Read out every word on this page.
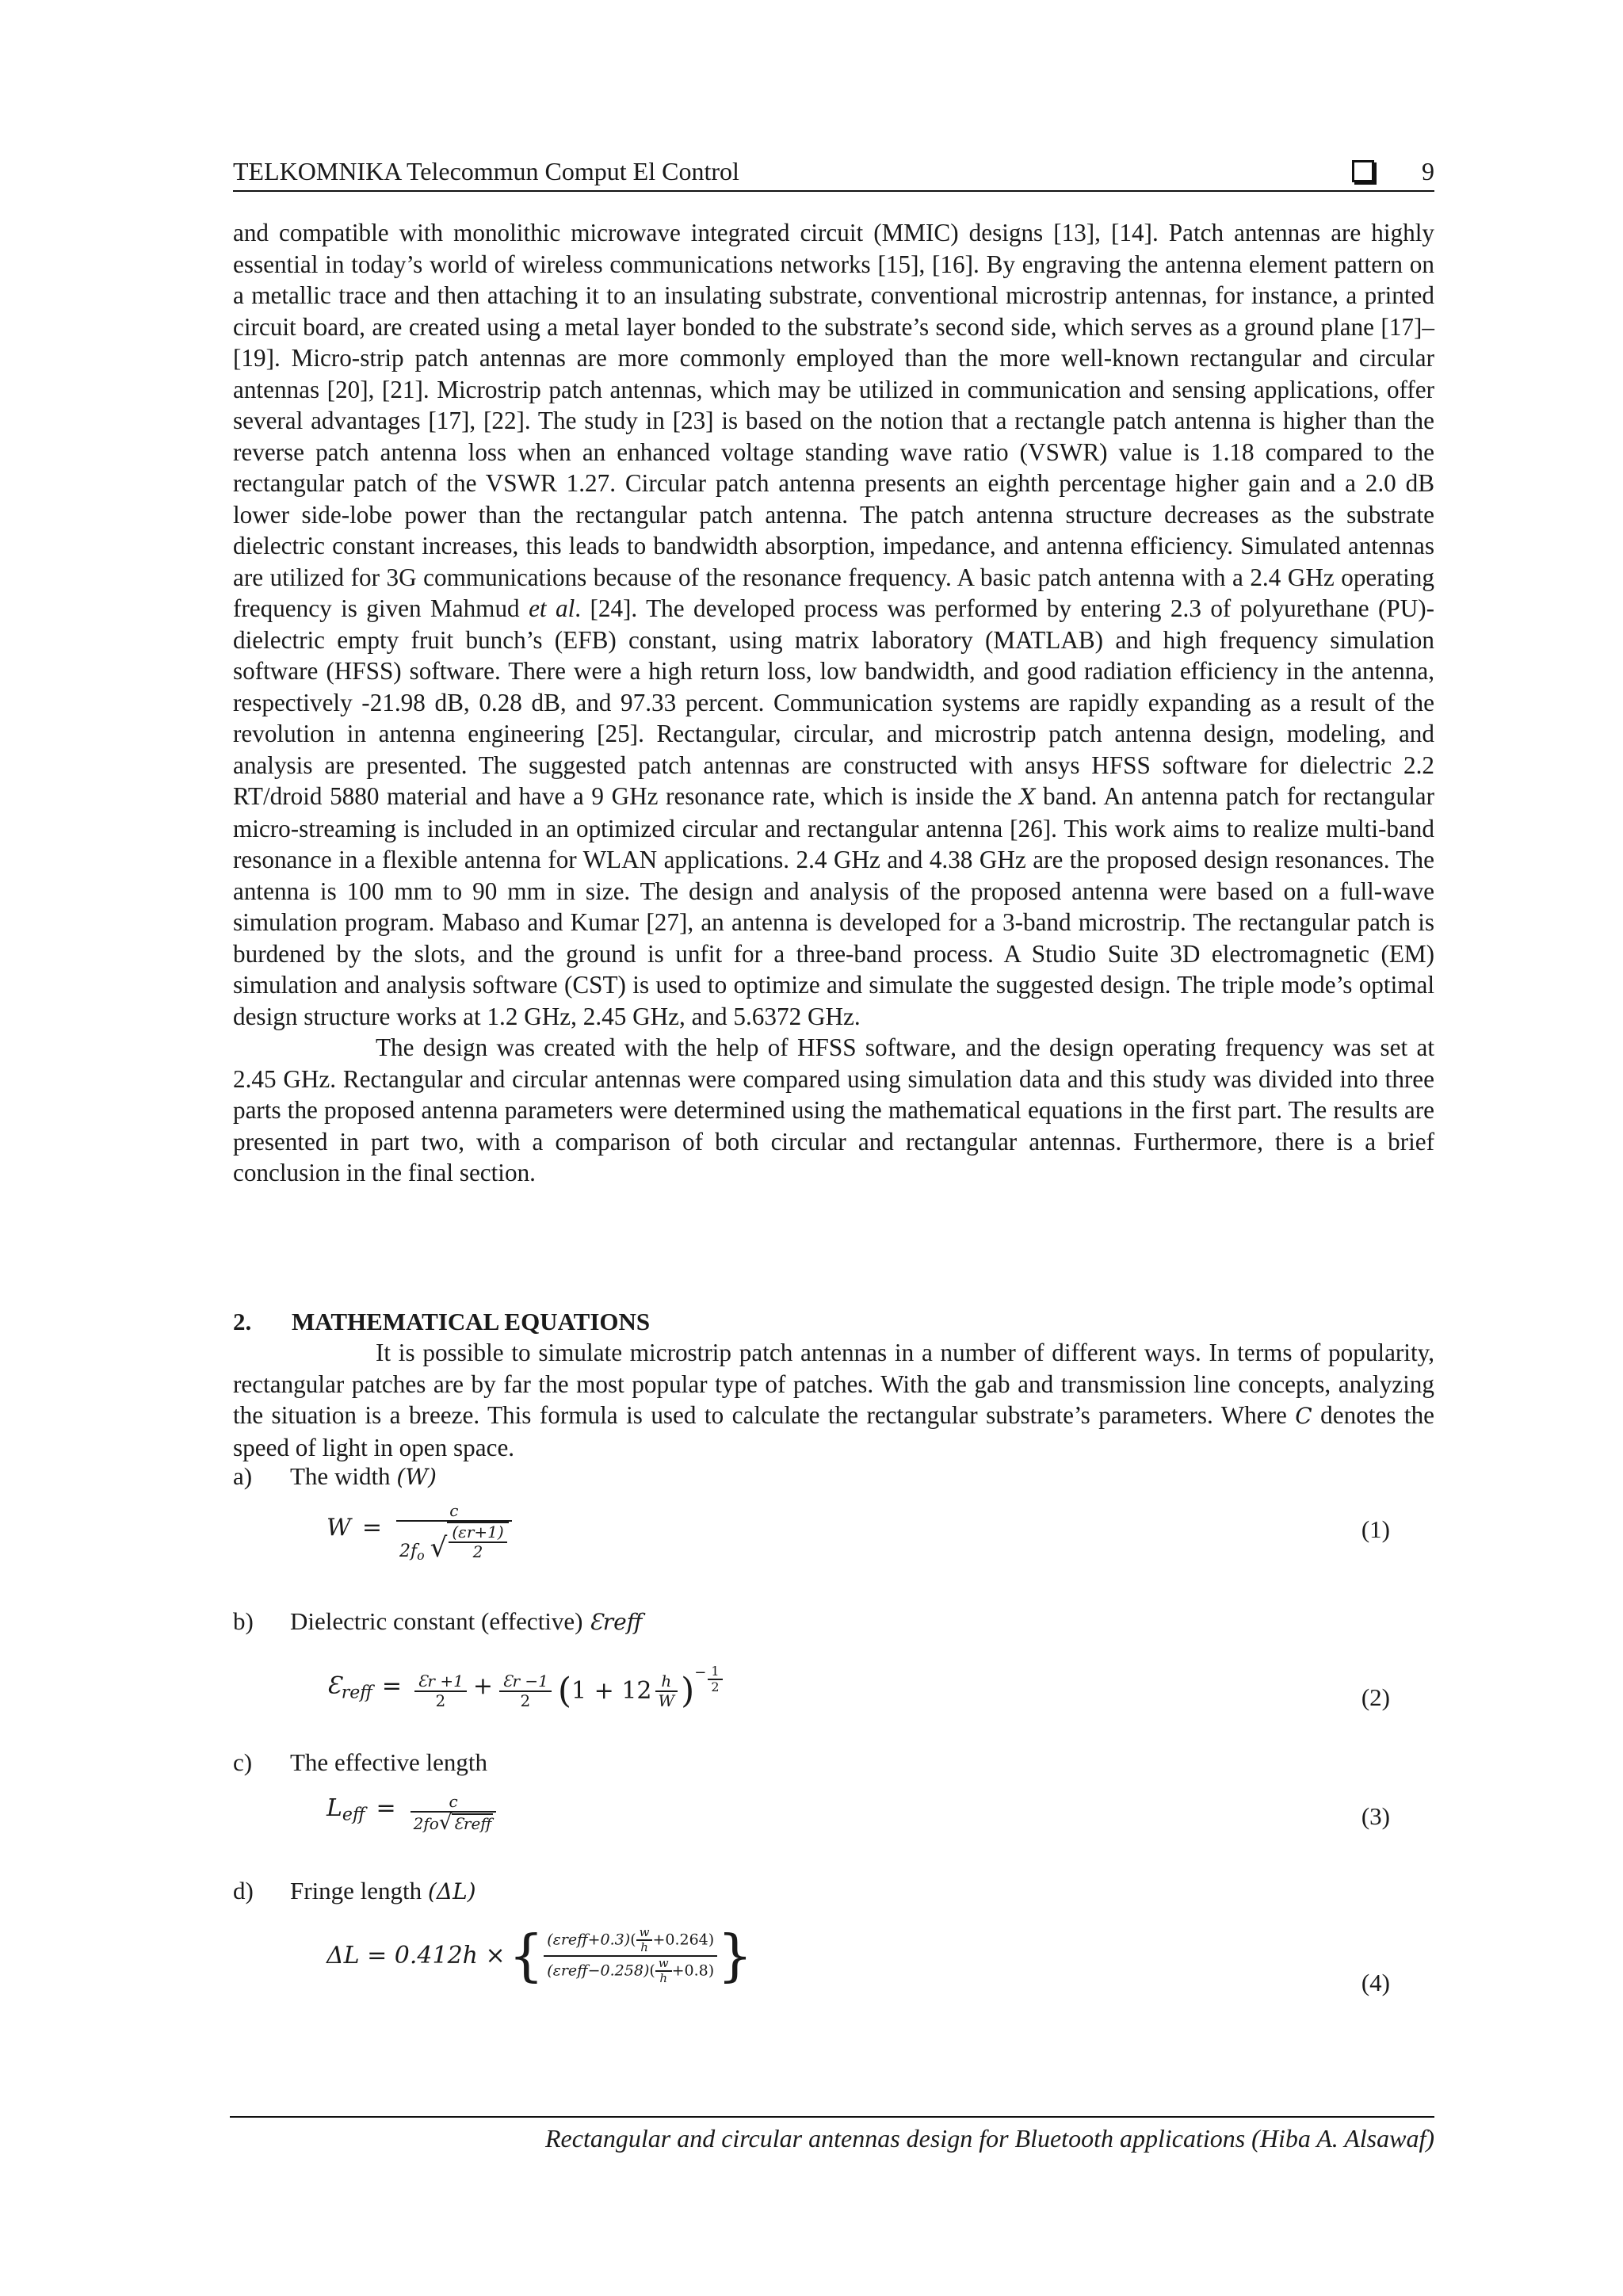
TELKOMNIKA Telecommun Comput El Control	9

and compatible with monolithic microwave integrated circuit (MMIC) designs [13], [14]. Patch antennas are highly essential in today’s world of wireless communications networks [15], [16]. By engraving the antenna element pattern on a metallic trace and then attaching it to an insulating substrate, conventional microstrip antennas, for instance, a printed circuit board, are created using a metal layer bonded to the substrate’s second side, which serves as a ground plane [17]–[19]. Micro-strip patch antennas are more commonly employed than the more well-known rectangular and circular antennas [20], [21]. Microstrip patch antennas, which may be utilized in communication and sensing applications, offer several advantages [17], [22]. The study in [23] is based on the notion that a rectangle patch antenna is higher than the reverse patch antenna loss when an enhanced voltage standing wave ratio (VSWR) value is 1.18 compared to the rectangular patch of the VSWR 1.27. Circular patch antenna presents an eighth percentage higher gain and a 2.0 dB lower side-lobe power than the rectangular patch antenna. The patch antenna structure decreases as the substrate dielectric constant increases, this leads to bandwidth absorption, impedance, and antenna efficiency. Simulated antennas are utilized for 3G communications because of the resonance frequency. A basic patch antenna with a 2.4 GHz operating frequency is given Mahmud et al. [24]. The developed process was performed by entering 2.3 of polyurethane (PU)-dielectric empty fruit bunch’s (EFB) constant, using matrix laboratory (MATLAB) and high frequency simulation software (HFSS) software. There were a high return loss, low bandwidth, and good radiation efficiency in the antenna, respectively -21.98 dB, 0.28 dB, and 97.33 percent. Communication systems are rapidly expanding as a result of the revolution in antenna engineering [25]. Rectangular, circular, and microstrip patch antenna design, modeling, and analysis are presented. The suggested patch antennas are constructed with ansys HFSS software for dielectric 2.2 RT/droid 5880 material and have a 9 GHz resonance rate, which is inside the X band. An antenna patch for rectangular micro-streaming is included in an optimized circular and rectangular antenna [26]. This work aims to realize multi-band resonance in a flexible antenna for WLAN applications. 2.4 GHz and 4.38 GHz are the proposed design resonances. The antenna is 100 mm to 90 mm in size. The design and analysis of the proposed antenna were based on a full-wave simulation program. Mabaso and Kumar [27], an antenna is developed for a 3-band microstrip. The rectangular patch is burdened by the slots, and the ground is unfit for a three-band process. A Studio Suite 3D electromagnetic (EM) simulation and analysis software (CST) is used to optimize and simulate the suggested design. The triple mode’s optimal design structure works at 1.2 GHz, 2.45 GHz, and 5.6372 GHz.

The design was created with the help of HFSS software, and the design operating frequency was set at 2.45 GHz. Rectangular and circular antennas were compared using simulation data and this study was divided into three parts the proposed antenna parameters were determined using the mathematical equations in the first part. The results are presented in part two, with a comparison of both circular and rectangular antennas. Furthermore, there is a brief conclusion in the final section.

2. MATHEMATICAL EQUATIONS

It is possible to simulate microstrip patch antennas in a number of different ways. In terms of popularity, rectangular patches are by far the most popular type of patches. With the gab and transmission line concepts, analyzing the situation is a breeze. This formula is used to calculate the rectangular substrate’s parameters. Where C denotes the speed of light in open space.

a) The width (W)
$W = \frac{c}{2f_o √ \frac{(\varepsilon r+1)}{2}}$	(1)
b) Dielectric constant (effective) Ɛreff
Ɛreff = $\frac{Ɛr +1}{2} + \frac{Ɛr -1}{2} (1 + 12 \frac{h}{W}$ ) − $\frac{1}{2}$
(2)
c) The effective length
Leff = $\frac{c}{\text{2fo √ Ɛreff}}$	(3)
d) Fringe length (ΔL)
ΔL = 0.412h × { $\frac{(\varepsilon reff+0.3)( \frac{w}{h} +0.264)}{(\varepsilon reff-0.258)( \frac{w}{h} +0.8)}$ }	(4)
Rectangular and circular antennas design for Bluetooth applications (Hiba A. Alsawaf)
